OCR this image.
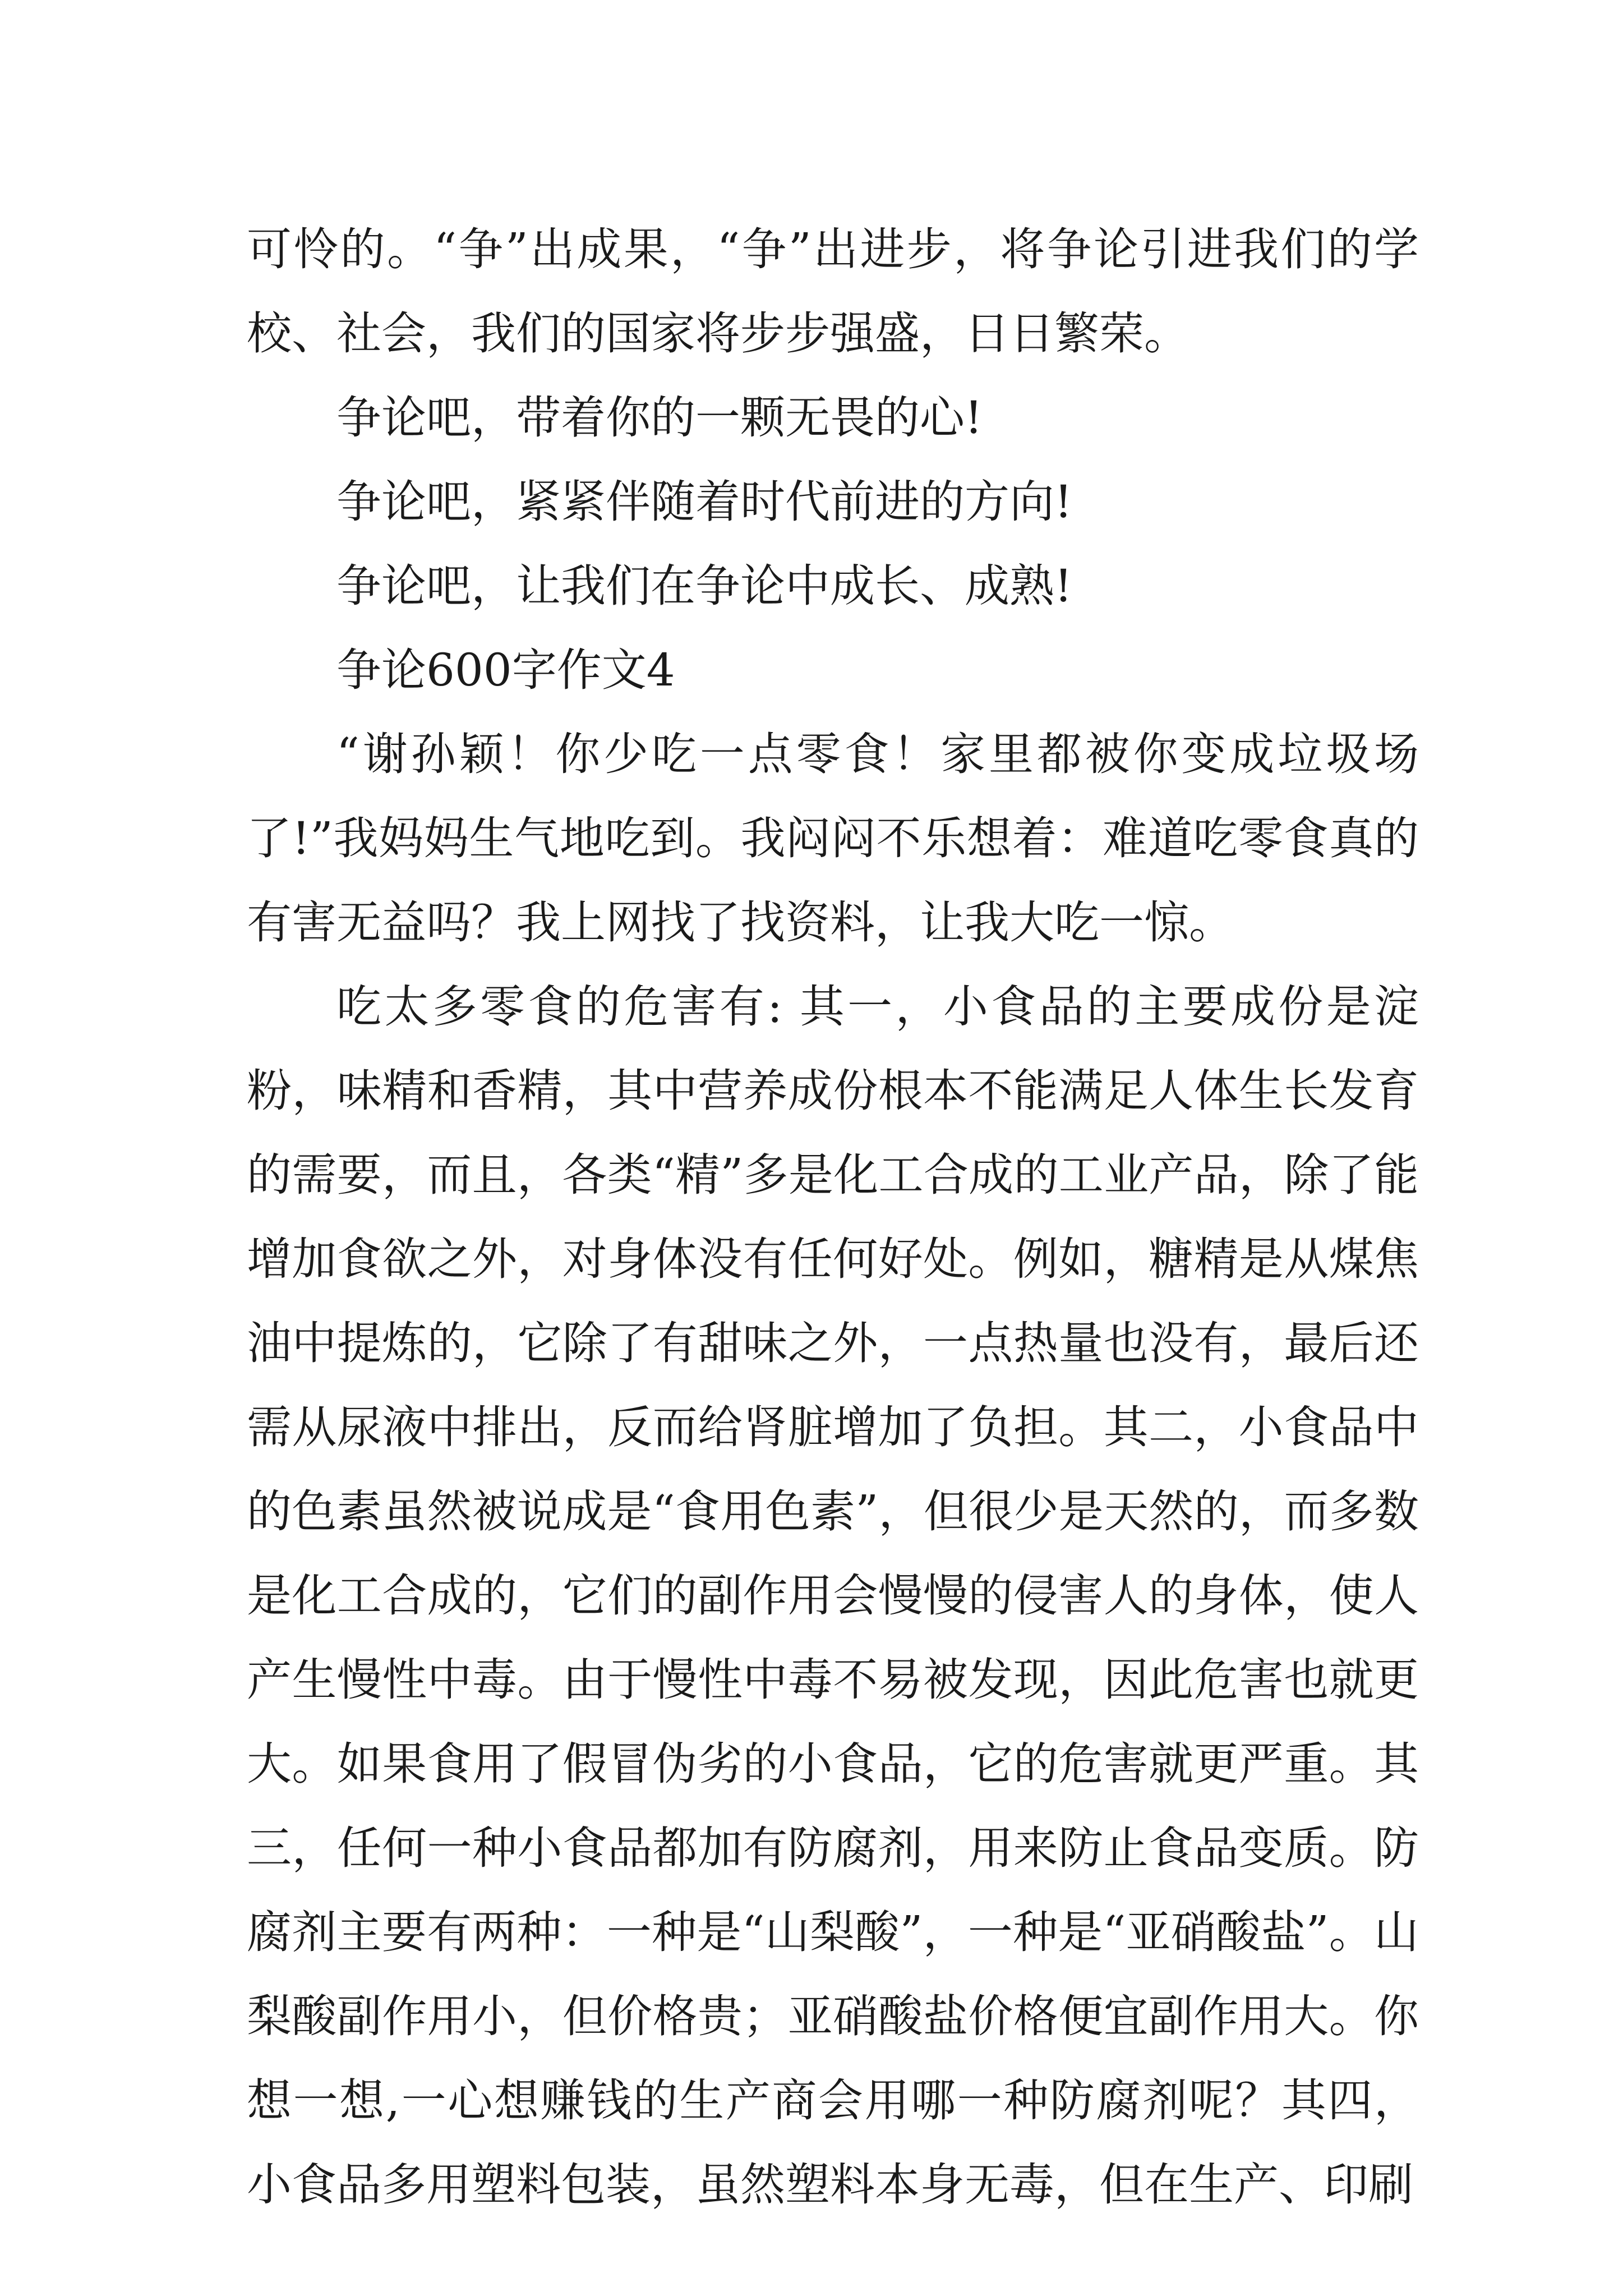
可怜的。“争”出成果，“争”出进步，将争论引进我们的学校、社会，我们的国家将步步强盛，日日繁荣。

争论吧，带着你的一颗无畏的心!

争论吧，紧紧伴随着时代前进的方向!

争论吧，让我们在争论中成长、成熟!

争论600字作文4

“谢孙颖！你少吃一点零食！家里都被你变成垃圾场了!”我妈妈生气地吃到。我闷闷不乐想着：难道吃零食真的有害无益吗？我上网找了找资料，让我大吃一惊。

吃太多零食的危害有: 其一，小食品的主要成份是淀粉，味精和香精，其中营养成份根本不能满足人体生长发育的需要，而且，各类“精”多是化工合成的工业产品，除了能增加食欲之外，对身体没有任何好处。例如，糖精是从煤焦油中提炼的，它除了有甜味之外，一点热量也没有，最后还需从尿液中排出，反而给肾脏增加了负担。其二，小食品中的色素虽然被说成是“食用色素”，但很少是天然的，而多数是化工合成的，它们的副作用会慢慢的侵害人的身体，使人产生慢性中毒。由于慢性中毒不易被发现，因此危害也就更大。如果食用了假冒伪劣的小食品，它的危害就更严重。其三，任何一种小食品都加有防腐剂，用来防止食品变质。防腐剂主要有两种：一种是“山梨酸”，一种是“亚硝酸盐”。山梨酸副作用小，但价格贵；亚硝酸盐价格便宜副作用大。你想一想,一心想赚钱的生产商会用哪一种防腐剂呢？其四，小食品多用塑料包装，虽然塑料本身无毒，但在生产、印刷
